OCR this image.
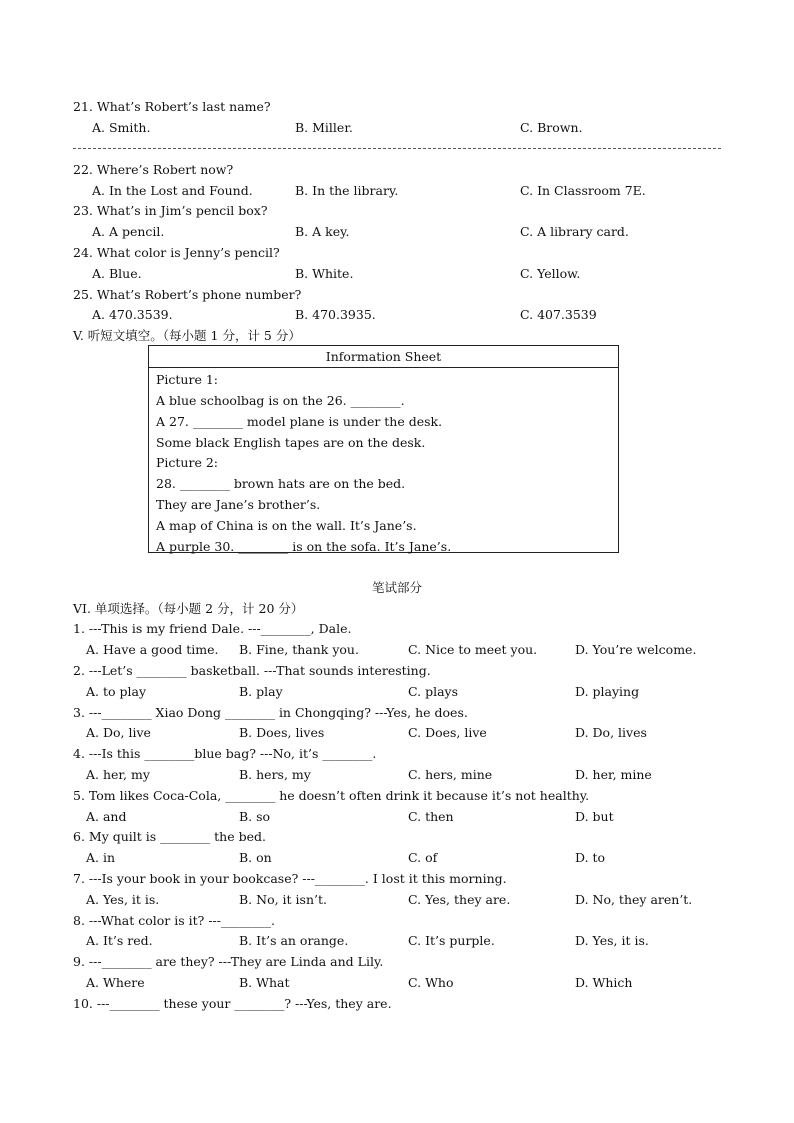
21. What’s Robert’s last name?
A. Smith.	B. Miller.	C. Brown.
22. Where’s Robert now?
A. In the Lost and Found.	B. In the library.	C. In Classroom 7E.
23. What’s in Jim’s pencil box?
A. A pencil.	B. A key.	C. A library card.
24. What color is Jenny’s pencil?
A. Blue.	B. White.	C. Yellow.
25. What’s Robert’s phone number?
A. 470.3539.	B. 470.3935.	C. 407.3539
V. 听短文填空。（每小题 1 分，计 5 分）
Information Sheet
Picture 1:
A blue schoolbag is on the 26. ________.
A 27. ________ model plane is under the desk.
Some black English tapes are on the desk.
Picture 2:
28. ________ brown hats are on the bed.
They are Jane’s brother’s.
A map of China is on the wall. It’s Jane’s.
A purple 30. ________ is on the sofa. It’s Jane’s.
笔试部分
VI. 单项选择。（每小题 2 分，计 20 分）
1. ---This is my friend Dale. ---________, Dale.
A. Have a good time. B. Fine, thank you.	C. Nice to meet you.	D. You’re welcome.
2. ---Let’s ________ basketball. ---That sounds interesting.
A. to play	B. play	C. plays	D. playing
3. ---________ Xiao Dong ________ in Chongqing? ---Yes, he does.
A. Do, live	B. Does, lives	C. Does, live	D. Do, lives
4. ---Is this ________blue bag? ---No, it’s ________.
A. her, my	B. hers, my	C. hers, mine	D. her, mine
5. Tom likes Coca-Cola, ________ he doesn’t often drink it because it’s not healthy.
A. and	B. so	C. then	D. but
6. My quilt is ________ the bed.
A. in	B. on	C. of	D. to
7. ---Is your book in your bookcase? ---________. I lost it this morning.
A. Yes, it is.	B. No, it isn’t.	C. Yes, they are.	D. No, they aren’t.
8. ---What color is it? ---________.
A. It’s red.	B. It’s an orange.	C. It’s purple.	D. Yes, it is.
9. ---________ are they? ---They are Linda and Lily.
A. Where	B. What	C. Who	D. Which
10. ---________ these your ________? ---Yes, they are.
